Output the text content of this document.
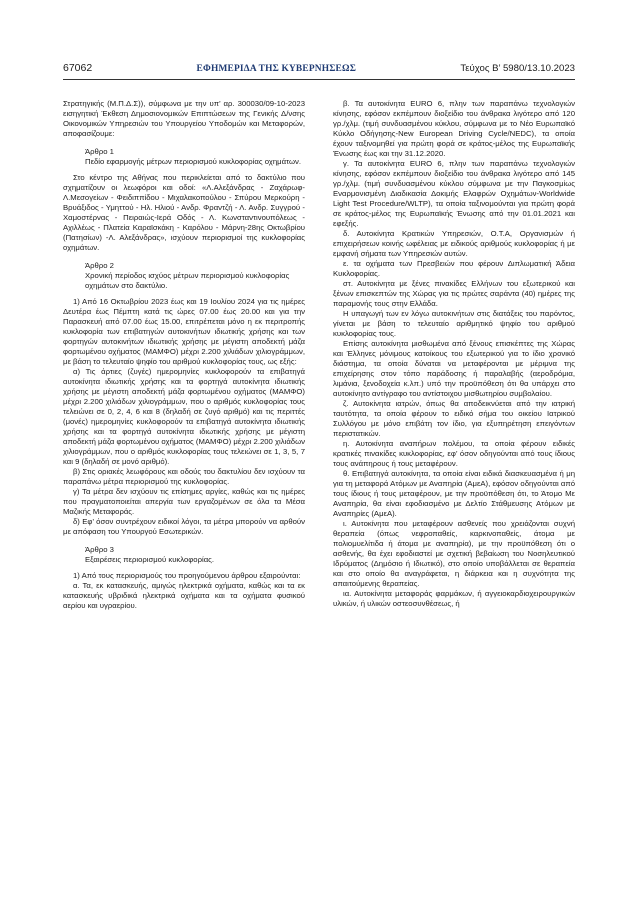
67062	ΕΦΗΜΕΡΙΔΑ ΤΗΣ ΚΥΒΕΡΝΗΣΕΩΣ	Τεύχος Β’ 5980/13.10.2023

Στρατηγικής (Μ.Π.Δ.Σ)), σύμφωνα με την υπ’ αρ. 300030/09-10-2023 εισηγητική Έκθεση Δημοσιονομικών Επιπτώσεων της Γενικής Δ/νσης Οικονομικών Υπηρεσιών του Υπουργείου Υποδομών και Μεταφορών, αποφασίζουμε:

Άρθρο 1

Πεδίο εφαρμογής μέτρων περιορισμού κυκλοφορίας οχημάτων.

Στο κέντρο της Αθήνας που περικλείεται από το δακτύλιο που σχηματίζουν οι λεωφόροι και οδοί: «Λ.Αλεξάνδρας - Ζαχάρωφ-Λ.Μεσογείων - Φειδιππίδου - Μιχαλακοπούλου - Σπύρου Μερκούρη - Βρυάξιδος - Υμηττού - Ηλ. Ηλιού - Ανδρ. Φραντζή - Λ. Ανδρ. Συγγρού - Χαμοστέρνας - Πειραιώς-Ιερά Οδός - Λ. Κωνσταντινουπόλεως - Αχιλλέως - Πλατεία Καραϊσκάκη - Καρόλου - Μάρνη-28ης Οκτωβρίου (Πατησίων) -Λ. Αλεξάνδρας», ισχύουν περιορισμοί της κυκλοφορίας οχημάτων.

Άρθρο 2

Χρονική περίοδος ισχύος μέτρων περιορισμού κυκλοφορίας οχημάτων στο δακτύλιο.

1) Από 16 Οκτωβρίου 2023 έως και 19 Ιουλίου 2024 για τις ημέρες Δευτέρα έως Πέμπτη κατά τις ώρες 07.00 έως 20.00 και για την Παρασκευή από 07.00 έως 15.00, επιτρέπεται μόνο η εκ περιτροπής κυκλοφορία των επιβατηγών αυτοκινήτων ιδιωτικής χρήσης και των φορτηγών αυτοκινήτων ιδιωτικής χρήσης με μέγιστη αποδεκτή μάζα φορτωμένου οχήματος (ΜΑΜΦΟ) μέχρι 2.200 χιλιάδων χιλιογράμμων, με βάση το τελευταίο ψηφίο του αριθμού κυκλοφορίας τους, ως εξής:

α) Τις άρτιες (ζυγές) ημερομηνίες κυκλοφορούν τα επιβατηγά αυτοκίνητα ιδιωτικής χρήσης και τα φορτηγά αυτοκίνητα ιδιωτικής χρήσης με μέγιστη αποδεκτή μάζα φορτωμένου οχήματος (ΜΑΜΦΟ) μέχρι 2.200 χιλιάδων χιλιογράμμων, που ο αριθμός κυκλοφορίας τους τελειώνει σε 0, 2, 4, 6 και 8 (δηλαδή σε ζυγό αριθμό) και τις περιττές (μονές) ημερομηνίες κυκλοφορούν τα επιβατηγά αυτοκίνητα ιδιωτικής χρήσης και τα φορτηγά αυτοκίνητα ιδιωτικής χρήσης με μέγιστη αποδεκτή μάζα φορτωμένου οχήματος (ΜΑΜΦΟ) μέχρι 2.200 χιλιάδων χιλιογράμμων, που ο αριθμός κυκλοφορίας τους τελειώνει σε 1, 3, 5, 7 και 9 (δηλαδή σε μονό αριθμό).

β) Στις οριακές λεωφόρους και οδούς του δακτυλίου δεν ισχύουν τα παραπάνω μέτρα περιορισμού της κυκλοφορίας.

γ) Τα μέτρα δεν ισχύουν τις επίσημες αργίες, καθώς και τις ημέρες που πραγματοποιείται απεργία των εργαζομένων σε όλα τα Μέσα Μαζικής Μεταφοράς.

δ) Εφ’ όσον συντρέχουν ειδικοί λόγοι, τα μέτρα μπορούν να αρθούν με απόφαση του Υπουργού Εσωτερικών.

Άρθρο 3

Εξαιρέσεις περιορισμού κυκλοφορίας.

1) Από τους περιορισμούς του προηγούμενου άρθρου εξαιρούνται:

α. Τα, εκ κατασκευής, αμιγώς ηλεκτρικά οχήματα, καθώς και τα εκ κατασκευής υβριδικά ηλεκτρικά οχήματα και τα οχήματα φυσικού αερίου και υγραερίου.

β. Τα αυτοκίνητα EURO 6, πλην των παραπάνω τεχνολογιών κίνησης, εφόσον εκπέμπουν διοξείδιο του άνθρακα λιγότερο από 120 γρ./χλμ. (τιμή συνδυασμένου κύκλου, σύμφωνα με το Νέο Ευρωπαϊκό Κύκλο Οδήγησης-New European Driving Cycle/NEDC), τα οποία έχουν ταξινομηθεί για πρώτη φορά σε κράτος-μέλος της Ευρωπαϊκής Ένωσης έως και την 31.12.2020.

γ. Τα αυτοκίνητα EURO 6, πλην των παραπάνω τεχνολογιών κίνησης, εφόσον εκπέμπουν διοξείδιο του άνθρακα λιγότερο από 145 γρ./χλμ. (τιμή συνδυασμένου κύκλου σύμφωνα με την Παγκοσμίως Εναρμονισμένη Διαδικασία Δοκιμής Ελαφρών Οχημάτων-Worldwide Light Test Procedure/WLTP), τα οποία ταξινομούνται για πρώτη φορά σε κράτος-μέλος της Ευρωπαϊκής Ένωσης από την 01.01.2021 και εφεξής.

δ. Αυτοκίνητα Κρατικών Υπηρεσιών, Ο.Τ.Α, Οργανισμών ή επιχειρήσεων κοινής ωφέλειας με ειδικούς αριθμούς κυκλοφορίας ή με εμφανή σήματα των Υπηρεσιών αυτών.

ε. τα οχήματα των Πρεσβειών που φέρουν Διπλωματική Άδεια Κυκλοφορίας.

στ. Αυτοκίνητα με ξένες πινακίδες Ελλήνων του εξωτερικού και ξένων επισκεπτών της Χώρας για τις πρώτες σαράντα (40) ημέρες της παραμονής τους στην Ελλάδα.

Η υπαγωγή των εν λόγω αυτοκινήτων στις διατάξεις του παρόντος, γίνεται με βάση το τελευταίο αριθμητικό ψηφίο του αριθμού κυκλοφορίας τους.

Επίσης αυτοκίνητα μισθωμένα από ξένους επισκέπτες της Χώρας και Έλληνες μόνιμους κατοίκους του εξωτερικού για το ίδιο χρονικό διάστημα, τα οποία δύναται να μεταφέρονται με μέριμνα της επιχείρησης στον τόπο παράδοσης ή παραλαβής (αεροδρόμια, λιμάνια, ξενοδοχεία κ.λπ.) υπό την προϋπόθεση ότι θα υπάρχει στο αυτοκίνητο αντίγραφο του αντίστοιχου μισθωτηρίου συμβολαίου.

ζ. Αυτοκίνητα ιατρών, όπως θα αποδεικνύεται από την ιατρική ταυτότητα, τα οποία φέρουν το ειδικό σήμα του οικείου Ιατρικού Συλλόγου με μόνο επιβάτη τον ίδιο, για εξυπηρέτηση επειγόντων περιστατικών.

η. Αυτοκίνητα αναπήρων πολέμου, τα οποία φέρουν ειδικές κρατικές πινακίδες κυκλοφορίας, εφ’ όσον οδηγούνται από τους ίδιους τους ανάπηρους ή τους μεταφέρουν.

θ. Επιβατηγά αυτοκίνητα, τα οποία είναι ειδικά διασκευασμένα ή μη για τη μεταφορά Ατόμων με Αναπηρία (ΑμεΑ), εφόσον οδηγούνται από τους ίδιους ή τους μεταφέρουν, με την προϋπόθεση ότι, το Άτομο Με Αναπηρία, θα είναι εφοδιασμένο με Δελτίο Στάθμευσης Ατόμων με Αναπηρίες (ΑμεΑ).

ι. Αυτοκίνητα που μεταφέρουν ασθενείς που χρειάζονται συχνή θεραπεία (όπως νεφροπαθείς, καρκινοπαθείς, άτομα με πολιομυελίτιδα ή άτομα με αναπηρία), με την προϋπόθεση ότι ο ασθενής, θα έχει εφοδιαστεί με σχετική βεβαίωση του Νοσηλευτικού Ιδρύματος (Δημόσιο ή Ιδιωτικό), στο οποίο υποβάλλεται σε θεραπεία και στο οποίο θα αναγράφεται, η διάρκεια και η συχνότητα της απαιτούμενης θεραπείας.

ια. Αυτοκίνητα μεταφοράς φαρμάκων, ή αγγειοκαρδιοχειρουργικών υλικών, ή υλικών οστεοσυνθέσεως, ή
